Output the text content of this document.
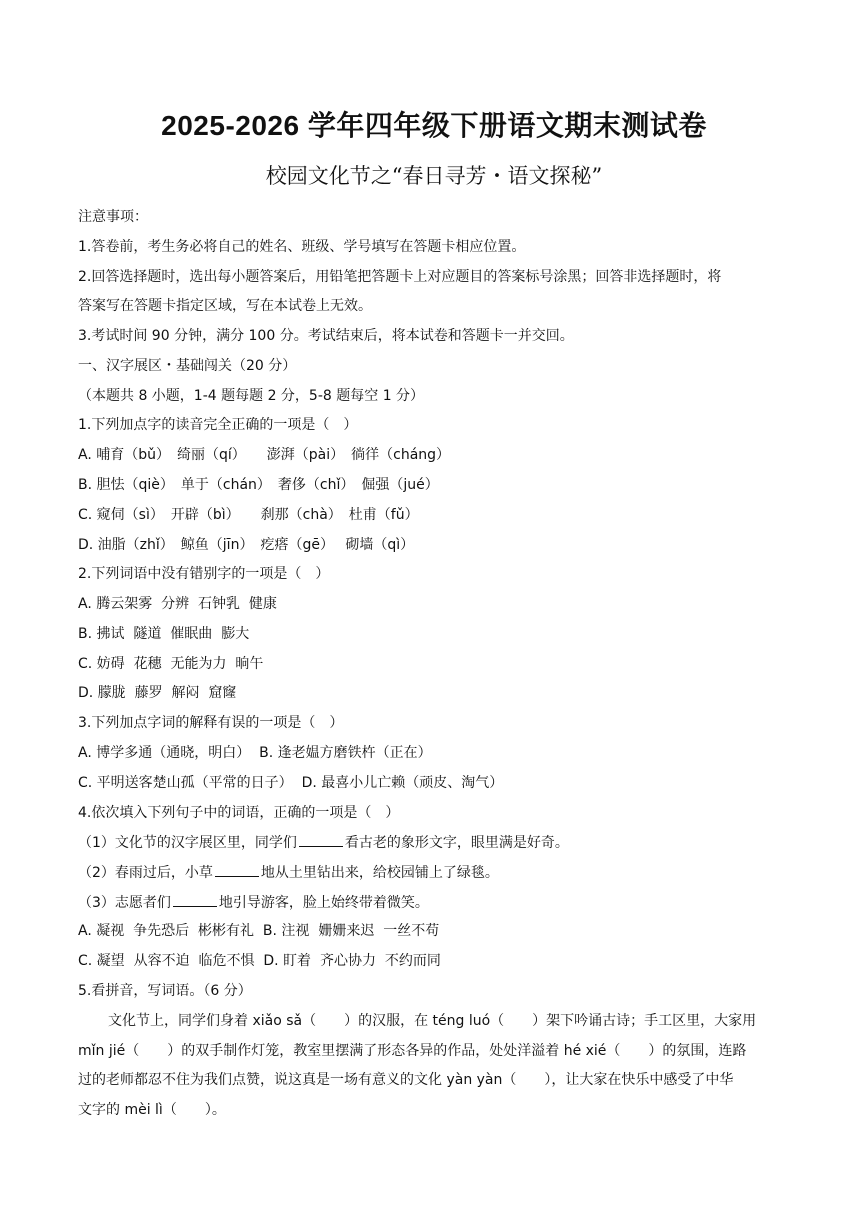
2025-2026 学年四年级下册语文期末测试卷
校园文化节之“春日寻芳・语文探秘”
注意事项：
1.答卷前，考生务必将自己的姓名、班级、学号填写在答题卡相应位置。
2.回答选择题时，选出每小题答案后，用铅笔把答题卡上对应题目的答案标号涂黑；回答非选择题时，将
答案写在答题卡指定区域，写在本试卷上无效。
3.考试时间 90 分钟，满分 100 分。考试结束后，将本试卷和答题卡一并交回。
一、汉字展区・基础闯关（20 分）
（本题共 8 小题，1-4 题每题 2 分，5-8 题每空 1 分）
1.下列加点字的读音完全正确的一项是（　）
A. 哺育（bǔ）　绮丽（qí）　　澎湃（pài）　徜徉（cháng）
B. 胆怯（qiè）　单于（chán）　奢侈（chǐ）　倔强（jué）
C. 窥伺（sì）　开辟（bì）　　刹那（chà）　杜甫（fǔ）
D. 油脂（zhǐ）　鲸鱼（jīn）　疙瘩（gē）　 砌墙（qì）
2.下列词语中没有错别字的一项是（　）
A. 腾云架雾  分辨  石钟乳  健康
B. 拂试  隧道  催眠曲  膨大
C. 妨碍  花穗  无能为力  晌午
D. 朦胧  藤罗  解闷  窟窿
3.下列加点字词的解释有误的一项是（　）
A. 博学多通（通晓，明白）  B. 逢老媪方磨铁杵（正在）
C. 平明送客楚山孤（平常的日子）  D. 最喜小儿亡赖（顽皮、淘气）
4.依次填入下列句子中的词语，正确的一项是（　）
（1）文化节的汉字展区里，同学们	看古老的象形文字，眼里满是好奇。
（2）春雨过后，小草	地从土里钻出来，给校园铺上了绿毯。
（3）志愿者们	地引导游客，脸上始终带着微笑。
A. 凝视  争先恐后  彬彬有礼  B. 注视  姗姗来迟  一丝不苟
C. 凝望  从容不迫  临危不惧  D. 盯着  齐心协力  不约而同
5.看拼音，写词语。（6 分）
文化节上，同学们身着 xiǎo sǎ（　　）的汉服，在 téng luó（　　）架下吟诵古诗；手工区里，大家用
mǐn jié（　　）的双手制作灯笼，教室里摆满了形态各异的作品，处处洋溢着 hé xié（　　）的氛围，连路
过的老师都忍不住为我们点赞，说这真是一场有意义的文化 yàn yàn（　　），让大家在快乐中感受了中华
文字的 mèi lì（　　）。
